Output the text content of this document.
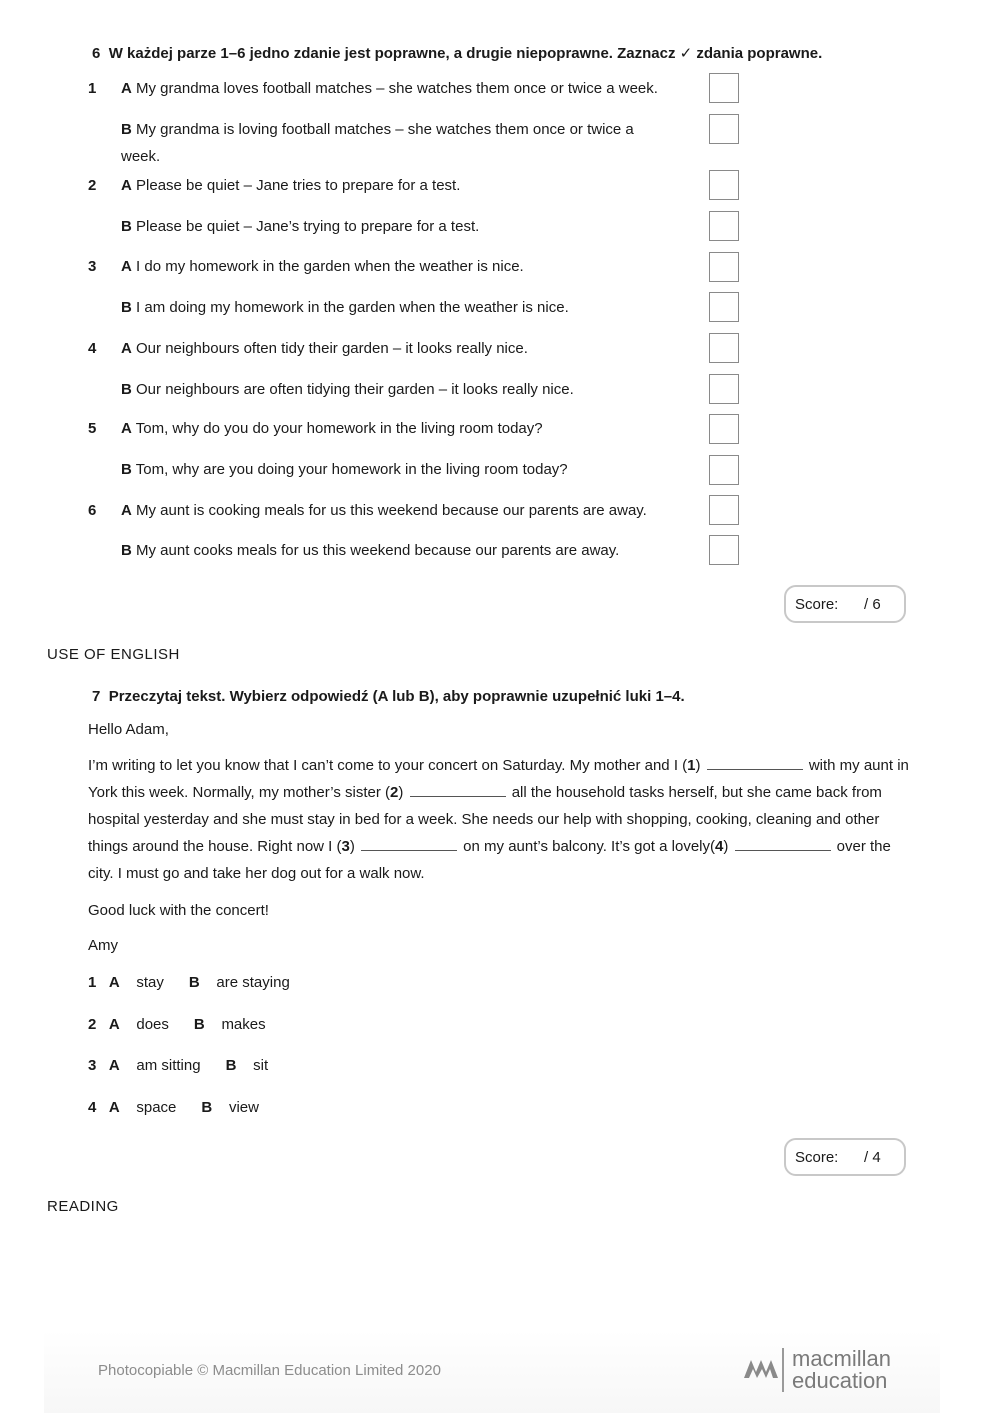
6 W każdej parze 1–6 jedno zdanie jest poprawne, a drugie niepoprawne. Zaznacz ✓ zdania poprawne.
1	A My grandma loves football matches – she watches them once or twice a week.
B My grandma is loving football matches – she watches them once or twice a
week.
2	A Please be quiet – Jane tries to prepare for a test.
B Please be quiet – Jane’s trying to prepare for a test.
3	A I do my homework in the garden when the weather is nice.
B I am doing my homework in the garden when the weather is nice.
4	A Our neighbours often tidy their garden – it looks really nice.
B Our neighbours are often tidying their garden – it looks really nice.
5	A Tom, why do you do your homework in the living room today?
B Tom, why are you doing your homework in the living room today?
6	A My aunt is cooking meals for us this weekend because our parents are away.
B My aunt cooks meals for us this weekend because our parents are away.
Score: / 6
USE OF ENGLISH
7 Przeczytaj tekst. Wybierz odpowiedź (A lub B), aby poprawnie uzupełnić luki 1–4.
Hello Adam,
I’m writing to let you know that I can’t come to your concert on Saturday. My mother and I (1)	with my aunt in York this week. Normally, my mother’s sister (2)	all the household tasks herself, but she came back from hospital yesterday and she must stay in bed for a week. She needs our help with shopping, cooking, cleaning and other things around the house. Right now I (3)	on my aunt’s balcony. It’s got a lovely(4)	over the city. I must go and take her dog out for a walk now.
Good luck with the concert!
Amy
1 A stay B are staying
2 A does B makes
3 A am sitting B sit
4 A space B view
Score: / 4
READING
Photocopiable © Macmillan Education Limited 2020	macmillan
education
